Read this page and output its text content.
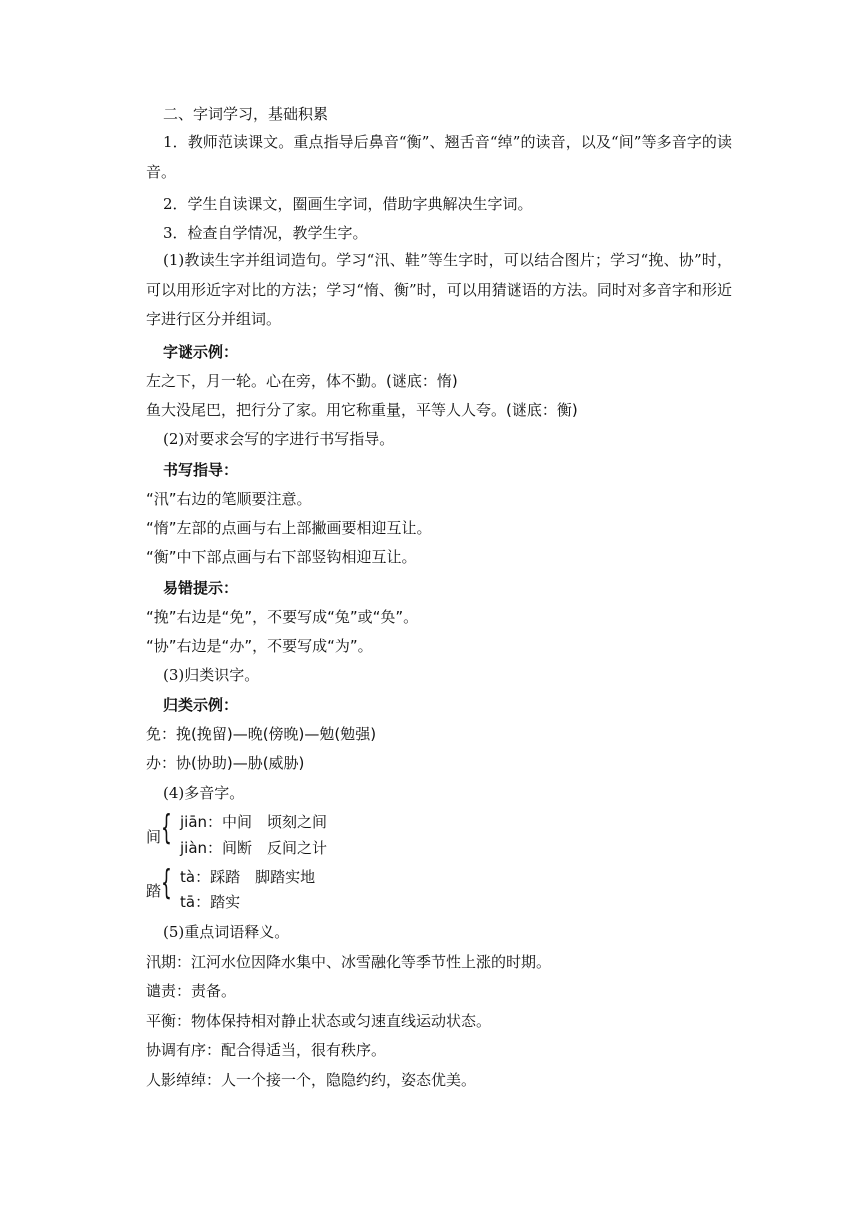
二、字词学习，基础积累
1．教师范读课文。重点指导后鼻音“衡”、翘舌音“绰”的读音，以及“间”等多音字的读音。
2．学生自读课文，圈画生字词，借助字典解决生字词。
3．检查自学情况，教学生字。
(1)教读生字并组词造句。学习“汛、鞋”等生字时，可以结合图片；学习“挽、协”时，可以用形近字对比的方法；学习“惰、衡”时，可以用猜谜语的方法。同时对多音字和形近字进行区分并组词。
字谜示例：
左之下，月一轮。心在旁，体不勤。(谜底：惰)
鱼大没尾巴，把行分了家。用它称重量，平等人人夸。(谜底：衡)
(2)对要求会写的字进行书写指导。
书写指导：
“汛”右边的笔顺要注意。
“惰”左部的点画与右上部撇画要相迎互让。
“衡”中下部点画与右下部竖钩相迎互让。
易错提示：
“挽”右边是“免”，不要写成“兔”或“奂”。
“协”右边是“办”，不要写成“为”。
(3)归类识字。
归类示例：
免：挽(挽留)—晚(傍晚)—勉(勉强)
办：协(协助)—胁(威胁)
(4)多音字。
间 { jiān：中间　顷刻之间
jiàn：间断　反间之计
踏 { tà：踩踏　脚踏实地
tā：踏实
(5)重点词语释义。
汛期：江河水位因降水集中、冰雪融化等季节性上涨的时期。
谴责：责备。
平衡：物体保持相对静止状态或匀速直线运动状态。
协调有序：配合得适当，很有秩序。
人影绰绰：人一个接一个，隐隐约约，姿态优美。
